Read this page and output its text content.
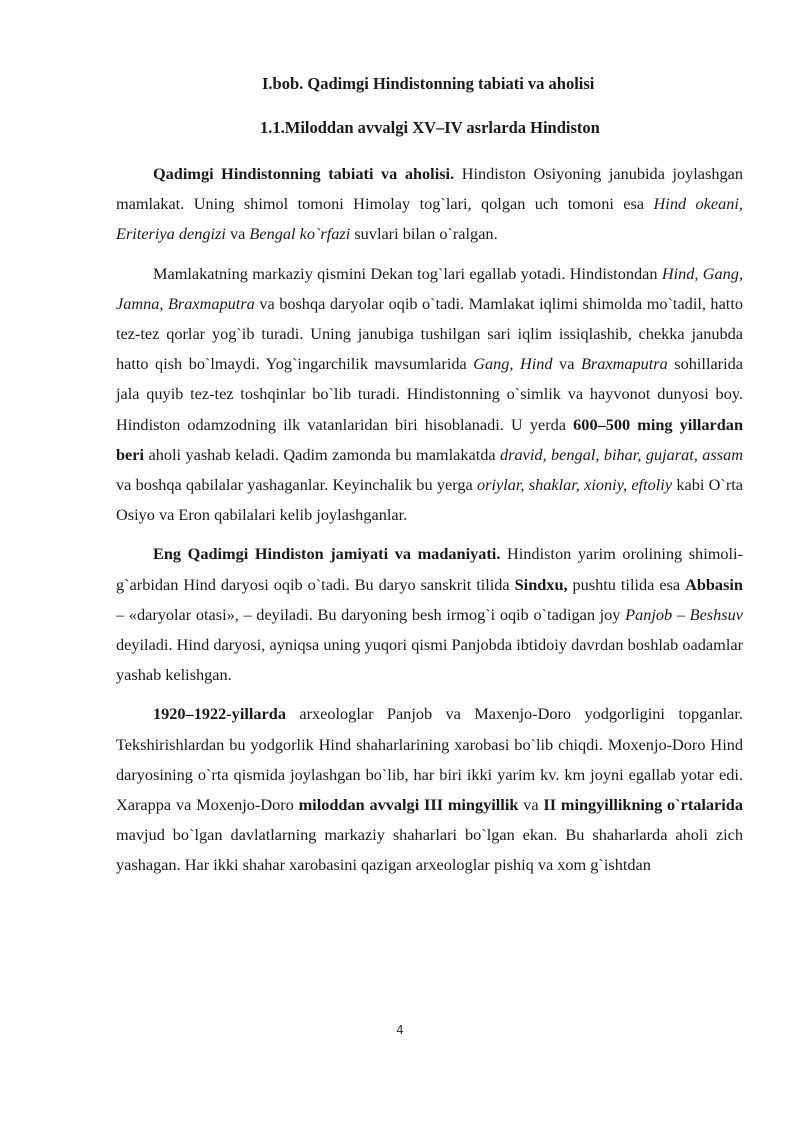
I.bob. Qadimgi Hindistonning tabiati va aholisi
1.1.Miloddan avvalgi XV–IV asrlarda Hindiston

Qadimgi Hindistonning tabiati va aholisi. Hindiston Osiyoning janubida joylashgan mamlakat. Uning shimol tomoni Himolay tog`lari, qolgan uch tomoni esa Hind okeani, Eriteriya dengizi va Bengal ko`rfazi suvlari bilan o`ralgan.

Mamlakatning markaziy qismini Dekan tog`lari egallab yotadi. Hindistondan Hind, Gang, Jamna, Braxmaputra va boshqa daryolar oqib o`tadi. Mamlakat iqlimi shimolda mo`tadil, hatto tez-tez qorlar yog`ib turadi. Uning janubiga tushilgan sari iqlim issiqlashib, chekka janubda hatto qish bo`lmaydi. Yog`ingarchilik mavsumlarida Gang, Hind va Braxmaputra sohillarida jala quyib tez-tez toshqinlar bo`lib turadi. Hindistonning o`simlik va hayvonot dunyosi boy. Hindiston odamzodning ilk vatanlaridan biri hisoblanadi. U yerda 600–500 ming yillardan beri aholi yashab keladi. Qadim zamonda bu mamlakatda dravid, bengal, bihar, gujarat, assam va boshqa qabilalar yashaganlar. Keyinchalik bu yerga oriylar, shaklar, xioniy, eftoliy kabi O`rta Osiyo va Eron qabilalari kelib joylashganlar.

Eng Qadimgi Hindiston jamiyati va madaniyati. Hindiston yarim orolining shimoli-g`arbidan Hind daryosi oqib o`tadi. Bu daryo sanskrit tilida Sindxu, pushtu tilida esa Abbasin – «daryolar otasi», – deyiladi. Bu daryoning besh irmog`i oqib o`tadigan joy Panjob – Beshsuv deyiladi. Hind daryosi, ayniqsa uning yuqori qismi Panjobda ibtidoiy davrdan boshlab oadamlar yashab kelishgan.

1920–1922-yillarda arxeologlar Panjob va Maxenjo-Doro yodgorligini topganlar. Tekshirishlardan bu yodgorlik Hind shaharlarining xarobasi bo`lib chiqdi. Moxenjo-Doro Hind daryosining o`rta qismida joylashgan bo`lib, har biri ikki yarim kv. km joyni egallab yotar edi. Xarappa va Moxenjo-Doro miloddan avvalgi III mingyillik va II mingyillikning o`rtalarida mavjud bo`lgan davlatlarning markaziy shaharlari bo`lgan ekan. Bu shaharlarda aholi zich yashagan. Har ikki shahar xarobasini qazigan arxeologlar pishiq va xom g`ishtdan

4
